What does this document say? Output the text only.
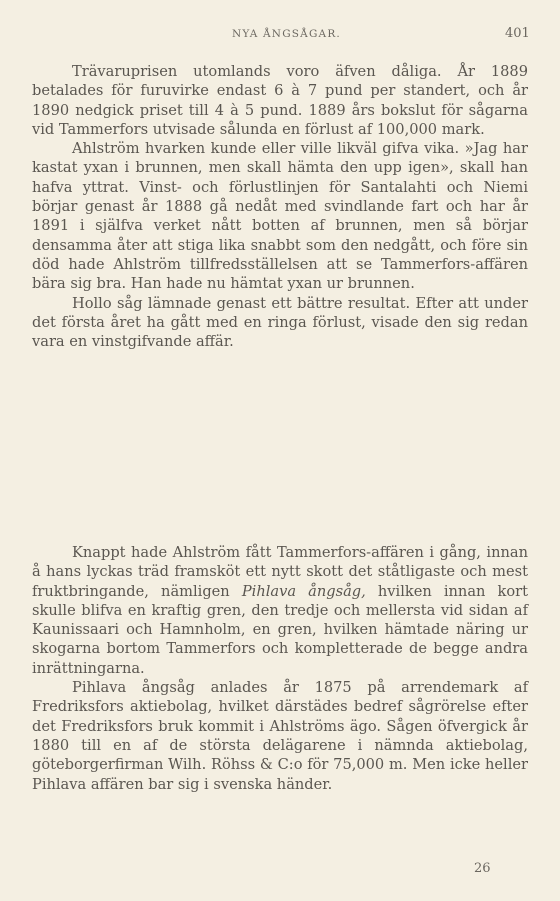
NYA ÅNGSÅGAR.	401

Trävaruprisen utomlands voro äfven dåliga. År 1889 betalades för furuvirke endast 6 à 7 pund per standert, och år 1890 nedgick priset till 4 à 5 pund. 1889 års bokslut för sågarna vid Tammerfors utvisade sålunda en förlust af 100,000 mark.

Ahlström hvarken kunde eller ville likväl gifva vika. »Jag har kastat yxan i brunnen, men skall hämta den upp igen», skall han hafva yttrat. Vinst- och förlustlinjen för Santalahti och Niemi börjar genast år 1888 gå nedåt med svindlande fart och har år 1891 i själfva verket nått botten af brunnen, men så börjar densamma åter att stiga lika snabbt som den nedgått, och före sin död hade Ahlström tillfredsställelsen att se Tammerfors-affären bära sig bra. Han hade nu hämtat yxan ur brunnen.

Hollo såg lämnade genast ett bättre resultat. Efter att under det första året ha gått med en ringa förlust, visade den sig redan vara en vinstgifvande affär.

Knappt hade Ahlström fått Tammerfors-affären i gång, innan å hans lyckas träd framsköt ett nytt skott det ståtligaste och mest fruktbringande, nämligen Pihlava ångsåg, hvilken innan kort skulle blifva en kraftig gren, den tredje och mellersta vid sidan af Kaunissaari och Hamnholm, en gren, hvilken hämtade näring ur skogarna bortom Tammerfors och kompletterade de begge andra inrättningarna.

Pihlava ångsåg anlades år 1875 på arrendemark af Fredriksfors aktiebolag, hvilket därstädes bedref sågrörelse efter det Fredriksfors bruk kommit i Ahlströms ägo. Sågen öfvergick år 1880 till en af de största delägarene i nämnda aktiebolag, göteborgerfirman Wilh. Röhss & C:o för 75,000 m. Men icke heller Pihlava affären bar sig i svenska händer.

26
